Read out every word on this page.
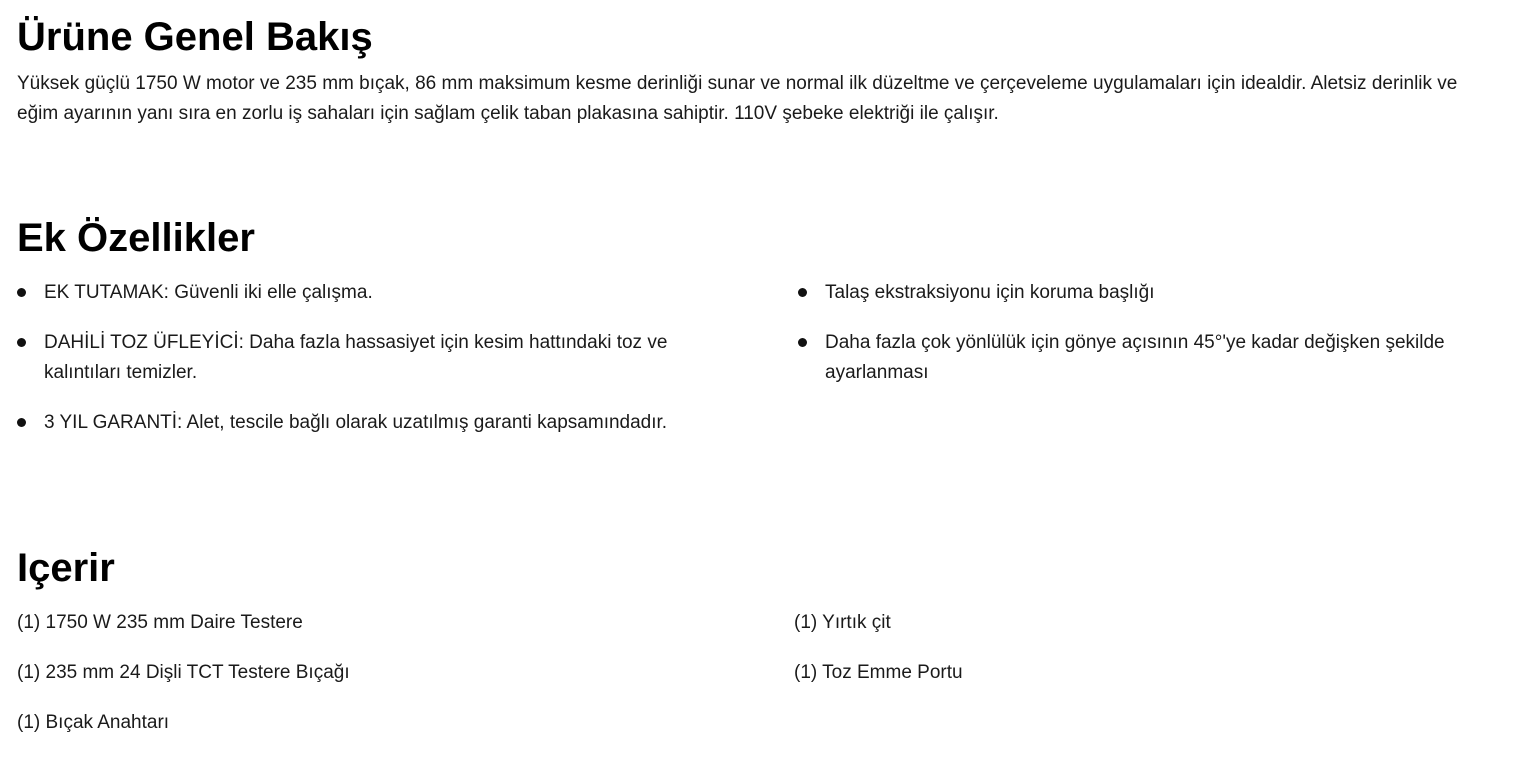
Ürüne Genel Bakış

Yüksek güçlü 1750 W motor ve 235 mm bıçak, 86 mm maksimum kesme derinliği sunar ve normal ilk düzeltme ve çerçeveleme uygulamaları için idealdir. Aletsiz derinlik ve

eğim ayarının yanı sıra en zorlu iş sahaları için sağlam çelik taban plakasına sahiptir. 110V şebeke elektriği ile çalışır.

Ek Özellikler
EK TUTAMAK: Güvenli iki elle çalışma.
DAHİLİ TOZ ÜFLEYİCİ: Daha fazla hassasiyet için kesim hattındaki toz ve kalıntıları temizler.
3 YIL GARANTİ: Alet, tescile bağlı olarak uzatılmış garanti kapsamındadır.
Talaş ekstraksiyonu için koruma başlığı
Daha fazla çok yönlülük için gönye açısının 45°'ye kadar değişken şekilde ayarlanması
Içerir
(1) 1750 W 235 mm Daire Testere
(1) 235 mm 24 Dişli TCT Testere Bıçağı
(1) Bıçak Anahtarı
(1) Yırtık çit
(1) Toz Emme Portu
